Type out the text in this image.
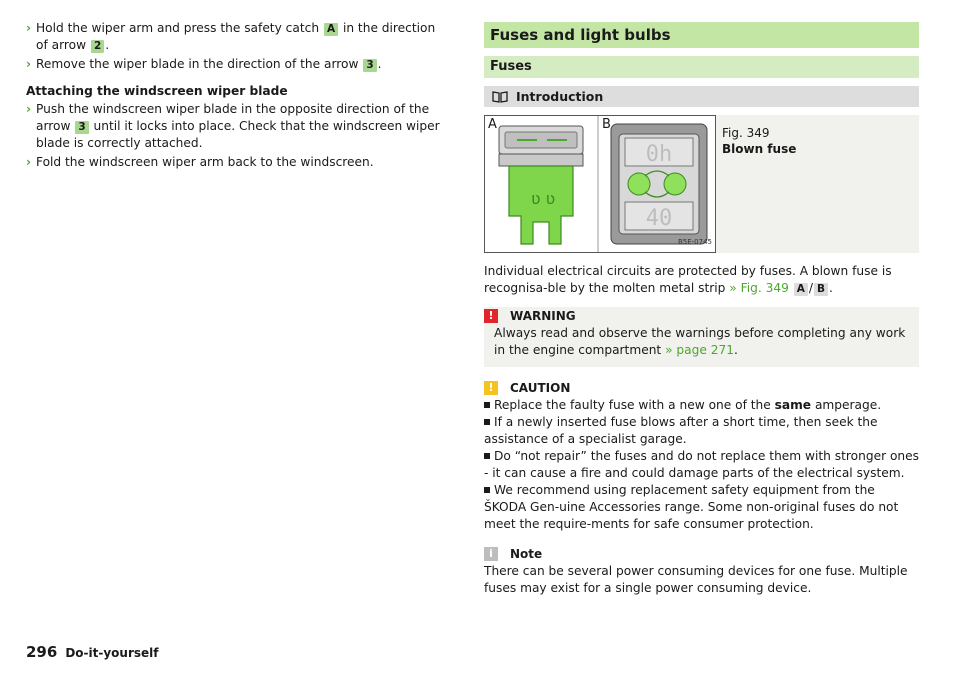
› Hold the wiper arm and press the safety catch A in the direction of arrow 2 .
› Remove the wiper blade in the direction of the arrow 3 .
Attaching the windscreen wiper blade
› Push the windscreen wiper blade in the opposite direction of the arrow 3 until it locks into place. Check that the windscreen wiper blade is correctly attached.
› Fold the windscreen wiper arm back to the windscreen.
Fuses and light bulbs
Fuses
Introduction
ʋ ʋ
0h
40
A	B
B5E-0745
Fig. 349
Blown fuse
Individual electrical circuits are protected by fuses. A blown fuse is recognisa-ble by the molten metal strip » Fig. 349 A / B .
!	WARNING
Always read and observe the warnings before completing any work in the engine compartment » page 271.
!	CAUTION
Replace the faulty fuse with a new one of the same amperage.
If a newly inserted fuse blows after a short time, then seek the assistance of a specialist garage.
Do “not repair” the fuses and do not replace them with stronger ones - it can cause a fire and could damage parts of the electrical system.
We recommend using replacement safety equipment from the ŠKODA Gen-uine Accessories range. Some non-original fuses do not meet the require-ments for safe consumer protection.
i	Note
There can be several power consuming devices for one fuse. Multiple fuses may exist for a single power consuming device.
296 Do-it-yourself
